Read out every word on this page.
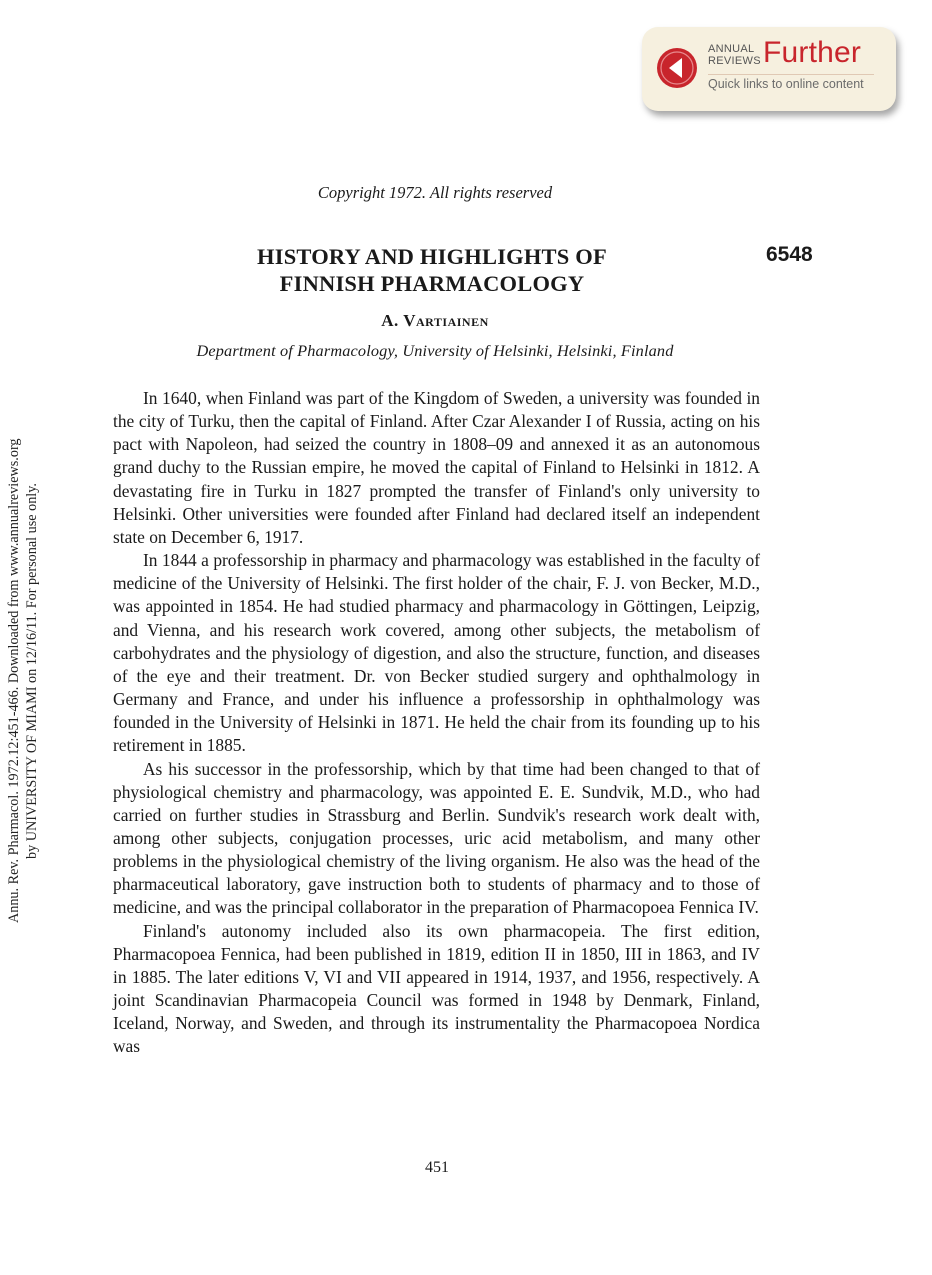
ANNUAL
REVIEWS Further
Quick links to online content
Annu. Rev. Pharmacol. 1972.12:451-466. Downloaded from www.annualreviews.org by UNIVERSITY OF MIAMI on 12/16/11. For personal use only.
Copyright 1972. All rights reserved
HISTORY AND HIGHLIGHTS OF
FINNISH PHARMACOLOGY
6548
A. Vartiainen
Department of Pharmacology, University of Helsinki, Helsinki, Finland

In 1640, when Finland was part of the Kingdom of Sweden, a university was founded in the city of Turku, then the capital of Finland. After Czar Alexander I of Russia, acting on his pact with Napoleon, had seized the country in 1808–09 and annexed it as an autonomous grand duchy to the Russian empire, he moved the capital of Finland to Helsinki in 1812. A devastating fire in Turku in 1827 prompted the transfer of Finland's only university to Helsinki. Other universities were founded after Finland had declared itself an independent state on December 6, 1917.

In 1844 a professorship in pharmacy and pharmacology was established in the faculty of medicine of the University of Helsinki. The first holder of the chair, F. J. von Becker, M.D., was appointed in 1854. He had studied pharmacy and pharmacology in Göttingen, Leipzig, and Vienna, and his research work covered, among other subjects, the metabolism of carbohydrates and the physiology of digestion, and also the structure, function, and diseases of the eye and their treatment. Dr. von Becker studied surgery and ophthalmology in Germany and France, and under his influence a professorship in ophthalmology was founded in the University of Helsinki in 1871. He held the chair from its founding up to his retirement in 1885.

As his successor in the professorship, which by that time had been changed to that of physiological chemistry and pharmacology, was appointed E. E. Sundvik, M.D., who had carried on further studies in Strassburg and Berlin. Sundvik's research work dealt with, among other subjects, conjugation processes, uric acid metabolism, and many other problems in the physiological chemistry of the living organism. He also was the head of the pharmaceutical laboratory, gave instruction both to students of pharmacy and to those of medicine, and was the principal collaborator in the preparation of Pharmacopoea Fennica IV.

Finland's autonomy included also its own pharmacopeia. The first edition, Pharmacopoea Fennica, had been published in 1819, edition II in 1850, III in 1863, and IV in 1885. The later editions V, VI and VII appeared in 1914, 1937, and 1956, respectively. A joint Scandinavian Pharmacopeia Council was formed in 1948 by Denmark, Finland, Iceland, Norway, and Sweden, and through its instrumentality the Pharmacopoea Nordica was

451
